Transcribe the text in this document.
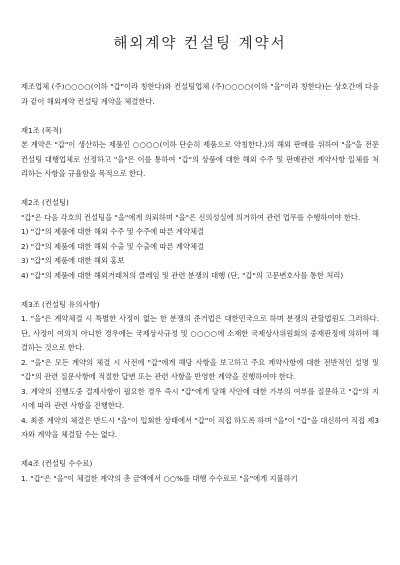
해외계약 컨설팅 계약서

제조업체 (주)○○○○(이하 "갑"이라 칭한다)와 컨설팅업체 (주)○○○○(이하 "을"이라 칭한다)는 상호간에 다음과 같이 해외계약 컨설팅 계약을 체결한다.

제1조 (목적)

본 계약은 "갑"이 생산하는 제품인 ○○○○(이하 단순히 제품으로 약칭한다.)의 해외 판매를 위하여 "을"을 전문 컨설팅 대행업체로 선정하고 "을"은 이를 통하여 "갑"의 상품에 대한 해외 수주 및 판매관련 계약사항 일체를 처리하는 사항을 규율함을 목적으로 한다.

제2조 (컨설팅)

"갑"은 다음 각호의 컨설팅을 "을"에게 의뢰하며 "을"은 신의성실에 의거하여 관련 업무를 수행하여야 한다.

1) "갑"의 제품에 대한 해외 수주 및 수주에 따른 계약체결

2) "갑"의 제품에 대한 해외 수출 및 수출에 따른 계약체결

3) "갑"의 제품에 대한 해외 홍보

4) "갑"의 제품에 대한 해외거래처의 클레임 및 관련 분쟁의 대행 (단, "갑"의 고문변호사를 통한 처리)

제3조 (컨설팅 유의사항)

1. "을"은 계약체결 시 특별한 사정이 없는 한 분쟁의 준거법은 대한민국으로 하며 분쟁의 관할법원도 그러하다. 단, 사정이 여의치 아니한 경우에는 국제상사규정 및 ○○○○에 소재한 국제상사위원회의 중재판정에 의하여 해결하는 것으로 한다.

2. "을"은 모든 계약의 체결 시 사전에 "갑"에게 해당 사항을 보고하고 주요 계약사항에 대한 전반적인 설명 및 "갑"의 관련 질문사항에 적절한 답변 또는 관련 사항을 반영한 계약을 진행하여야 한다.

3. 계약의 진행도중 결제사항이 필요한 경우 즉시 "갑"에게 당해 사안에 대한 가부의 여부를 질문하고 "갑"의 지시에 따라 관련 사항을 진행한다.

4. 최종 계약의 체결은 반드시 "을"이 입회한 상태에서 "갑"이 직접 하도록 하며 "을"이 "갑"을 대신하여 직접 제3자와 계약을 체결할 수는 없다.

제4조 (컨설팅 수수료)

1. "갑"은 "을"이 체결한 계약의 총 금액에서 ○○%를 대행 수수료로 "을"에게 지불하기
